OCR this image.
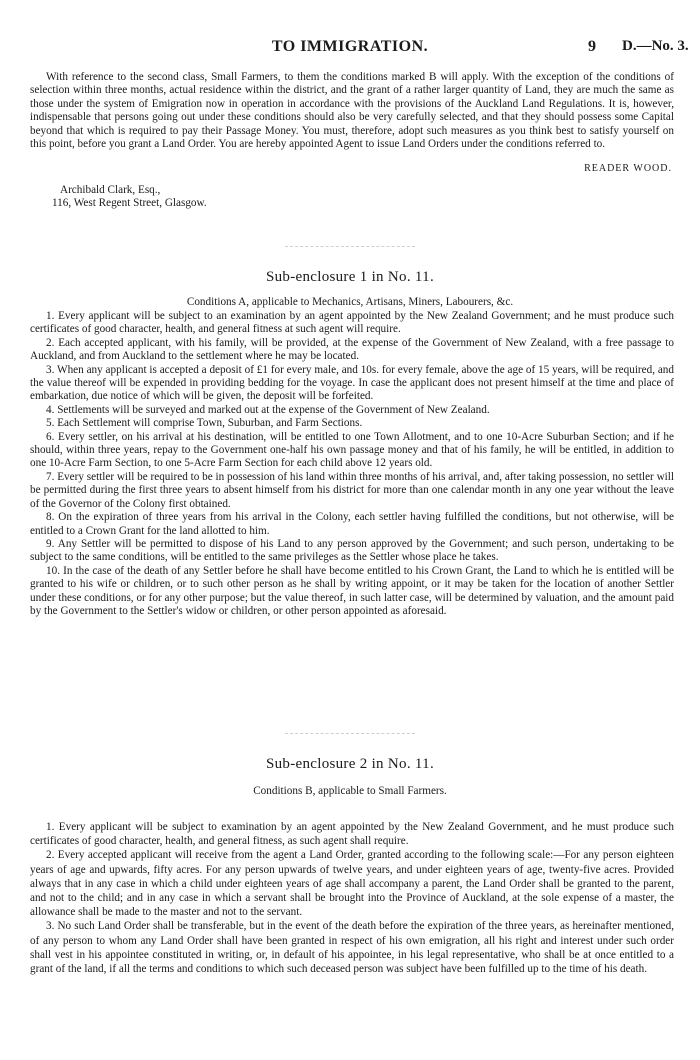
TO IMMIGRATION.	9 D.—No. 3.

With reference to the second class, Small Farmers, to them the conditions marked B will apply. With the exception of the conditions of selection within three months, actual residence within the district, and the grant of a rather larger quantity of Land, they are much the same as those under the system of Emigration now in operation in accordance with the provisions of the Auckland Land Regulations. It is, however, indispensable that persons going out under these conditions should also be very carefully selected, and that they should possess some Capital beyond that which is required to pay their Passage Money. You must, therefore, adopt such measures as you think best to satisfy yourself on this point, before you grant a Land Order. You are hereby appointed Agent to issue Land Orders under the conditions referred to.

READER WOOD.
Archibald Clark, Esq.,
116, West Regent Street, Glasgow.
Sub-enclosure 1 in No. 11.
Conditions A, applicable to Mechanics, Artisans, Miners, Labourers, &c.

1. Every applicant will be subject to an examination by an agent appointed by the New Zealand Government; and he must produce such certificates of good character, health, and general fitness at such agent will require.

2. Each accepted applicant, with his family, will be provided, at the expense of the Government of New Zealand, with a free passage to Auckland, and from Auckland to the settlement where he may be located.

3. When any applicant is accepted a deposit of £1 for every male, and 10s. for every female, above the age of 15 years, will be required, and the value thereof will be expended in providing bedding for the voyage. In case the applicant does not present himself at the time and place of embarkation, due notice of which will be given, the deposit will be forfeited.

4. Settlements will be surveyed and marked out at the expense of the Government of New Zealand.

5. Each Settlement will comprise Town, Suburban, and Farm Sections.

6. Every settler, on his arrival at his destination, will be entitled to one Town Allotment, and to one 10-Acre Suburban Section; and if he should, within three years, repay to the Government one-half his own passage money and that of his family, he will be entitled, in addition to one 10-Acre Farm Section, to one 5-Acre Farm Section for each child above 12 years old.

7. Every settler will be required to be in possession of his land within three months of his arrival, and, after taking possession, no settler will be permitted during the first three years to absent himself from his district for more than one calendar month in any one year without the leave of the Governor of the Colony first obtained.

8. On the expiration of three years from his arrival in the Colony, each settler having fulfilled the conditions, but not otherwise, will be entitled to a Crown Grant for the land allotted to him.

9. Any Settler will be permitted to dispose of his Land to any person approved by the Government; and such person, undertaking to be subject to the same conditions, will be entitled to the same privileges as the Settler whose place he takes.

10. In the case of the death of any Settler before he shall have become entitled to his Crown Grant, the Land to which he is entitled will be granted to his wife or children, or to such other person as he shall by writing appoint, or it may be taken for the location of another Settler under these conditions, or for any other purpose; but the value thereof, in such latter case, will be determined by valuation, and the amount paid by the Government to the Settler's widow or children, or other person appointed as aforesaid.

Sub-enclosure 2 in No. 11.
Conditions B, applicable to Small Farmers.

1. Every applicant will be subject to examination by an agent appointed by the New Zealand Government, and he must produce such certificates of good character, health, and general fitness, as such agent shall require.

2. Every accepted applicant will receive from the agent a Land Order, granted according to the following scale:—For any person eighteen years of age and upwards, fifty acres. For any person upwards of twelve years, and under eighteen years of age, twenty-five acres. Provided always that in any case in which a child under eighteen years of age shall accompany a parent, the Land Order shall be granted to the parent, and not to the child; and in any case in which a servant shall be brought into the Province of Auckland, at the sole expense of a master, the allowance shall be made to the master and not to the servant.

3. No such Land Order shall be transferable, but in the event of the death before the expiration of the three years, as hereinafter mentioned, of any person to whom any Land Order shall have been granted in respect of his own emigration, all his right and interest under such order shall vest in his appointee constituted in writing, or, in default of his appointee, in his legal representative, who shall be at once entitled to a grant of the land, if all the terms and conditions to which such deceased person was subject have been fulfilled up to the time of his death.
